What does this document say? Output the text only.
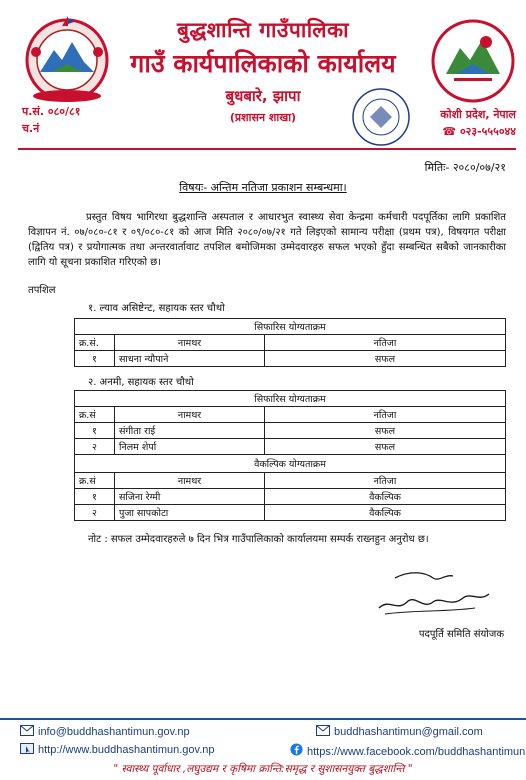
बुद्धशान्ति गाउँपालिका
गाउँ कार्यपालिकाको कार्यालय
बुधबारे, झापा
(प्रशासन शाखा)
प.सं. ०८०/८१
च.नं
कोशी प्रदेश, नेपाल
☎ ०२३-५५५०४४
मितिः- २०८०/०७/२१
विषयः- अन्तिम नतिजा प्रकाशन सम्बन्धमा।
प्रस्तुत विषय भागिरथा बुद्धशान्ति अस्पताल र आधारभुत स्वास्थ्य सेवा केन्द्रमा कर्मचारी पदपूर्तिका लागि प्रकाशित विज्ञापन नं. ०७/०८०-८१ र ०९/०८०-८१ को आज मिति २०८०/०७/२१ गते लिइएको सामान्य परीक्षा (प्रथम पत्र), विषयगत परीक्षा (द्वितिय पत्र) र प्रयोगात्मक तथा अन्तरवार्तावाट तपशिल बमोजिमका उम्मेदवारहरु सफल भएको हुँदा सम्बन्धित सबैको जानकारीका लागि यो सूचना प्रकाशित गरिएको छ।
तपशिल
१. ल्याव असिष्टेन्ट, सहायक स्तर चौथो
सिफारिस योग्यताक्रम		
क्र.सं.	नामथर	नतिजा
१	साधना न्यौपाने	सफल
२. अनमी, सहायक स्तर चौथो
सिफारिस योग्यताक्रम		
क्र.सं	नामथर	नतिजा
१	संगीता राई	सफल
२	निलम शेर्पा	सफल
वैकल्पिक योग्यताक्रम		
क्र.सं	नामथर	नतिजा
१	सजिना रेग्मी	वैकल्पिक
२	पुजा सापकोटा	वैकल्पिक
नोट : सफल उम्मेदवारहरुले ७ दिन भित्र गाउँपालिकाको कार्यालयमा सम्पर्क राख्नहुन अनुरोध छ।
पदपूर्ति समिति संयोजक
info@buddhashantimun.gov.np	buddhashantimun@gmail.com
http://www.buddhashantimun.gov.np	https://www.facebook.com/buddhashantimun
" स्वास्थ्य पूर्वाधार ,लघुउद्यम र कृषिमा क्रान्ति:समृद्ध र सुशासनयुक्त बुद्धशान्ति "
